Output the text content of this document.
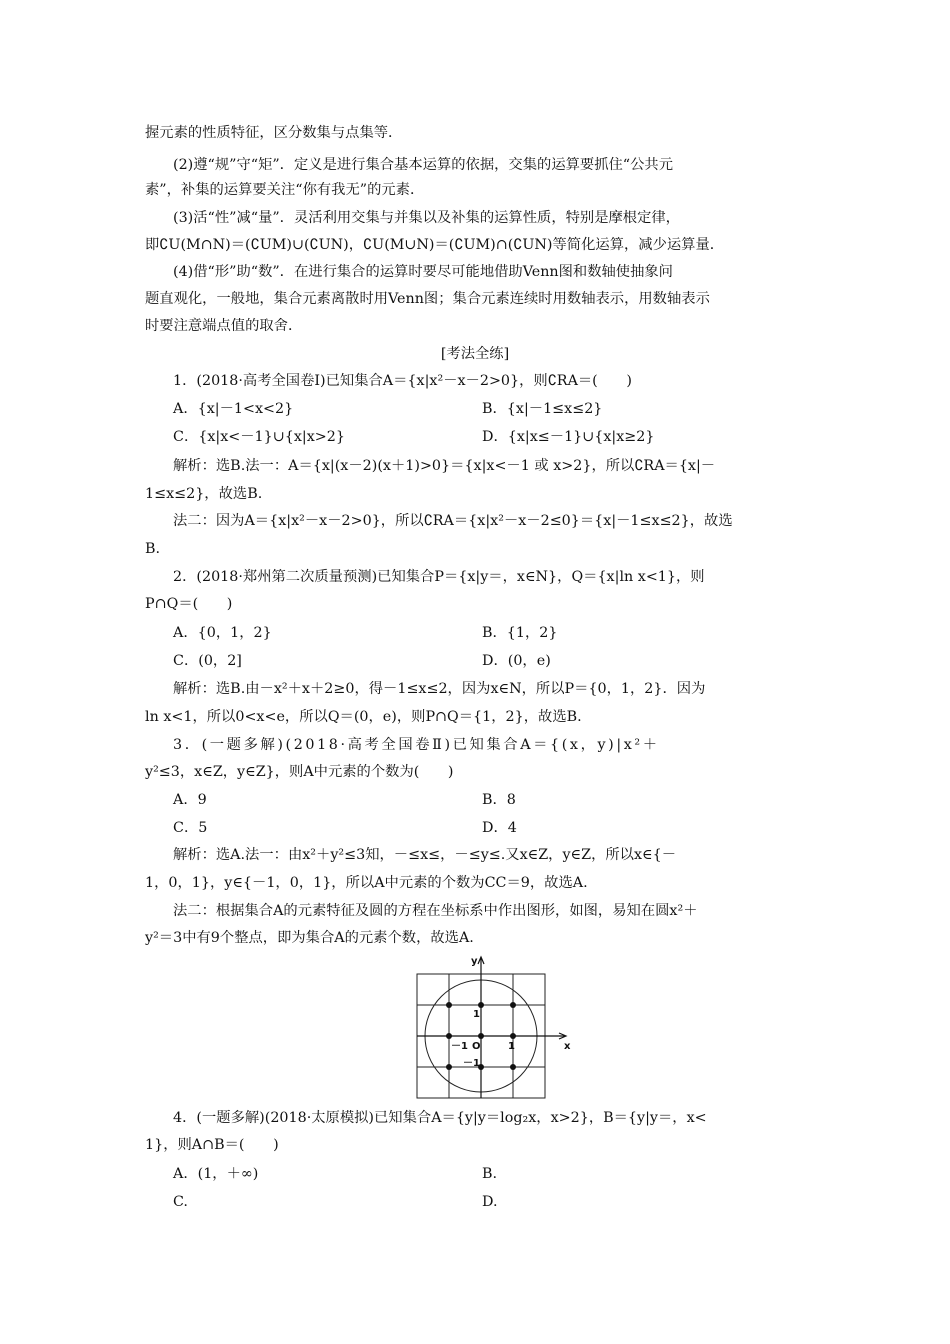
握元素的性质特征，区分数集与点集等．
(2)遵“规”守“矩”．定义是进行集合基本运算的依据，交集的运算要抓住“公共元
素”，补集的运算要关注“你有我无”的元素．
(3)活“性”减“量”．灵活利用交集与并集以及补集的运算性质，特别是摩根定律，
即∁U(M∩N)＝(∁UM)∪(∁UN)，∁U(M∪N)＝(∁UM)∩(∁UN)等简化运算，减少运算量．
(4)借“形”助“数”．在进行集合的运算时要尽可能地借助Venn图和数轴使抽象问
题直观化，一般地，集合元素离散时用Venn图；集合元素连续时用数轴表示，用数轴表示
时要注意端点值的取舍．
[考法全练]
1．(2018·高考全国卷Ⅰ)已知集合A＝{x|x²－x－2>0}，则∁RA＝(　　)
A．{x|－1<x<2}	B．{x|－1≤x≤2}
C．{x|x<－1}∪{x|x>2}	D．{x|x≤－1}∪{x|x≥2}
解析：选B.法一：A＝{x|(x－2)(x＋1)>0}＝{x|x<－1 或 x>2}，所以∁RA＝{x|－
1≤x≤2}，故选B.
法二：因为A＝{x|x²－x－2>0}，所以∁RA＝{x|x²－x－2≤0}＝{x|－1≤x≤2}，故选
B.
2．(2018·郑州第二次质量预测)已知集合P＝{x|y＝，x∈N}，Q＝{x|ln x<1}，则
P∩Q＝(　　)
A．{0，1，2}	B．{1，2}
C．(0，2]	D．(0，e)
解析：选B.由－x²＋x＋2≥0，得－1≤x≤2，因为x∈N，所以P＝{0，1，2}．因为
ln x<1，所以0<x<e，所以Q＝(0，e)，则P∩Q＝{1，2}，故选B.
3．(一题多解)(2018·高考全国卷Ⅱ)已知集合A＝{(x，y)|x²＋
y²≤3，x∈Z，y∈Z}，则A中元素的个数为(　　)
A．9	B．8
C．5	D．4
解析：选A.法一：由x²＋y²≤3知，－≤x≤，－≤y≤.又x∈Z，y∈Z，所以x∈{－
1，0，1}，y∈{－1，0，1}，所以A中元素的个数为CC＝9，故选A.
法二：根据集合A的元素特征及圆的方程在坐标系中作出图形，如图，易知在圆x²＋
y²＝3中有9个整点，即为集合A的元素个数，故选A.
x
y
O	1
－1
1
－1
4．(一题多解)(2018·太原模拟)已知集合A＝{y|y＝log₂x，x>2}，B＝{y|y＝，x<
1}，则A∩B＝(　　)
A．(1，＋∞)	B.
C.	D.
